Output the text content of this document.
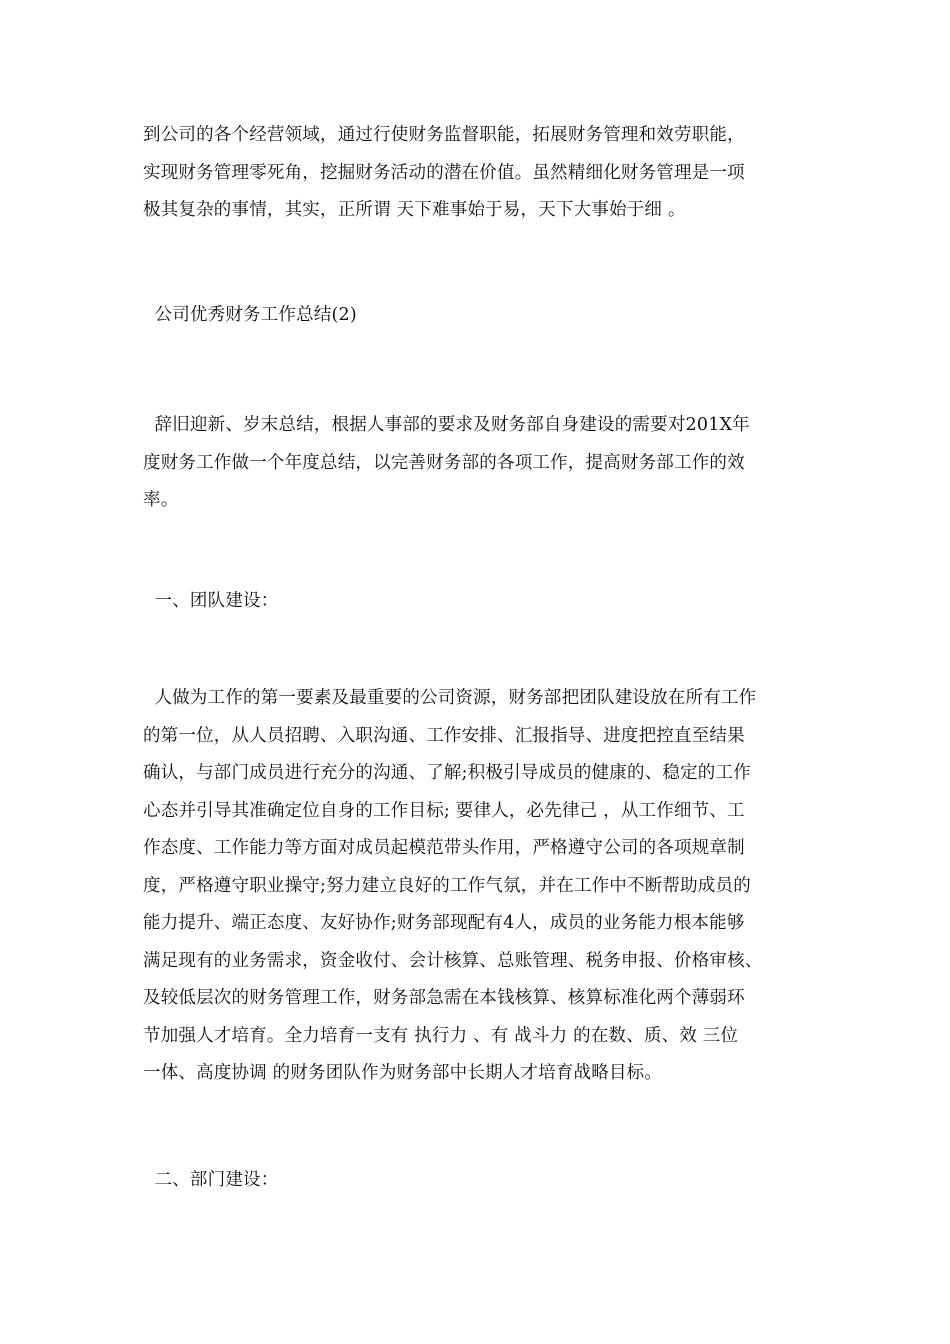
到公司的各个经营领域，通过行使财务监督职能，拓展财务管理和效劳职能，
实现财务管理零死角，挖掘财务活动的潜在价值。虽然精细化财务管理是一项
极其复杂的事情，其实，正所谓 天下难事始于易，天下大事始于细 。
公司优秀财务工作总结(2)
辞旧迎新、岁末总结，根据人事部的要求及财务部自身建设的需要对201X年
度财务工作做一个年度总结，以完善财务部的各项工作，提高财务部工作的效
率。
一、团队建设：
人做为工作的第一要素及最重要的公司资源，财务部把团队建设放在所有工作
的第一位，从人员招聘、入职沟通、工作安排、汇报指导、进度把控直至结果
确认，与部门成员进行充分的沟通、了解;积极引导成员的健康的、稳定的工作
心态并引导其准确定位自身的工作目标; 要律人，必先律己 ，从工作细节、工
作态度、工作能力等方面对成员起模范带头作用，严格遵守公司的各项规章制
度，严格遵守职业操守;努力建立良好的工作气氛，并在工作中不断帮助成员的
能力提升、端正态度、友好协作;财务部现配有4人，成员的业务能力根本能够
满足现有的业务需求，资金收付、会计核算、总账管理、税务申报、价格审核、
及较低层次的财务管理工作，财务部急需在本钱核算、核算标准化两个薄弱环
节加强人才培育。全力培育一支有 执行力 、有 战斗力 的在数、质、效 三位
一体、高度协调 的财务团队作为财务部中长期人才培育战略目标。
二、部门建设：
